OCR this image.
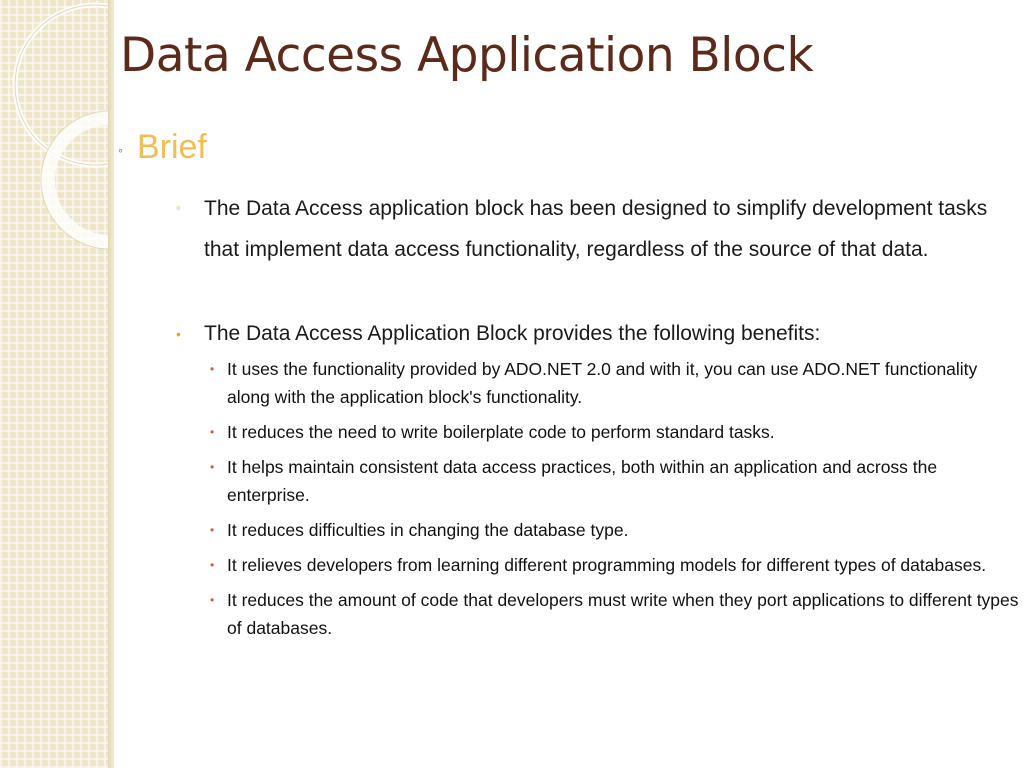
Data Access Application Block
◦ Brief
◦	The Data Access application block has been designed to simplify development tasks that implement data access functionality, regardless of the source of that data.
•	The Data Access Application Block provides the following benefits:
• It uses the functionality provided by ADO.NET 2.0 and with it, you can use ADO.NET functionality along with the application block's functionality.
• It reduces the need to write boilerplate code to perform standard tasks.
• It helps maintain consistent data access practices, both within an application and across the enterprise.
• It reduces difficulties in changing the database type.
• It relieves developers from learning different programming models for different types of databases.
• It reduces the amount of code that developers must write when they port applications to different types of databases.
